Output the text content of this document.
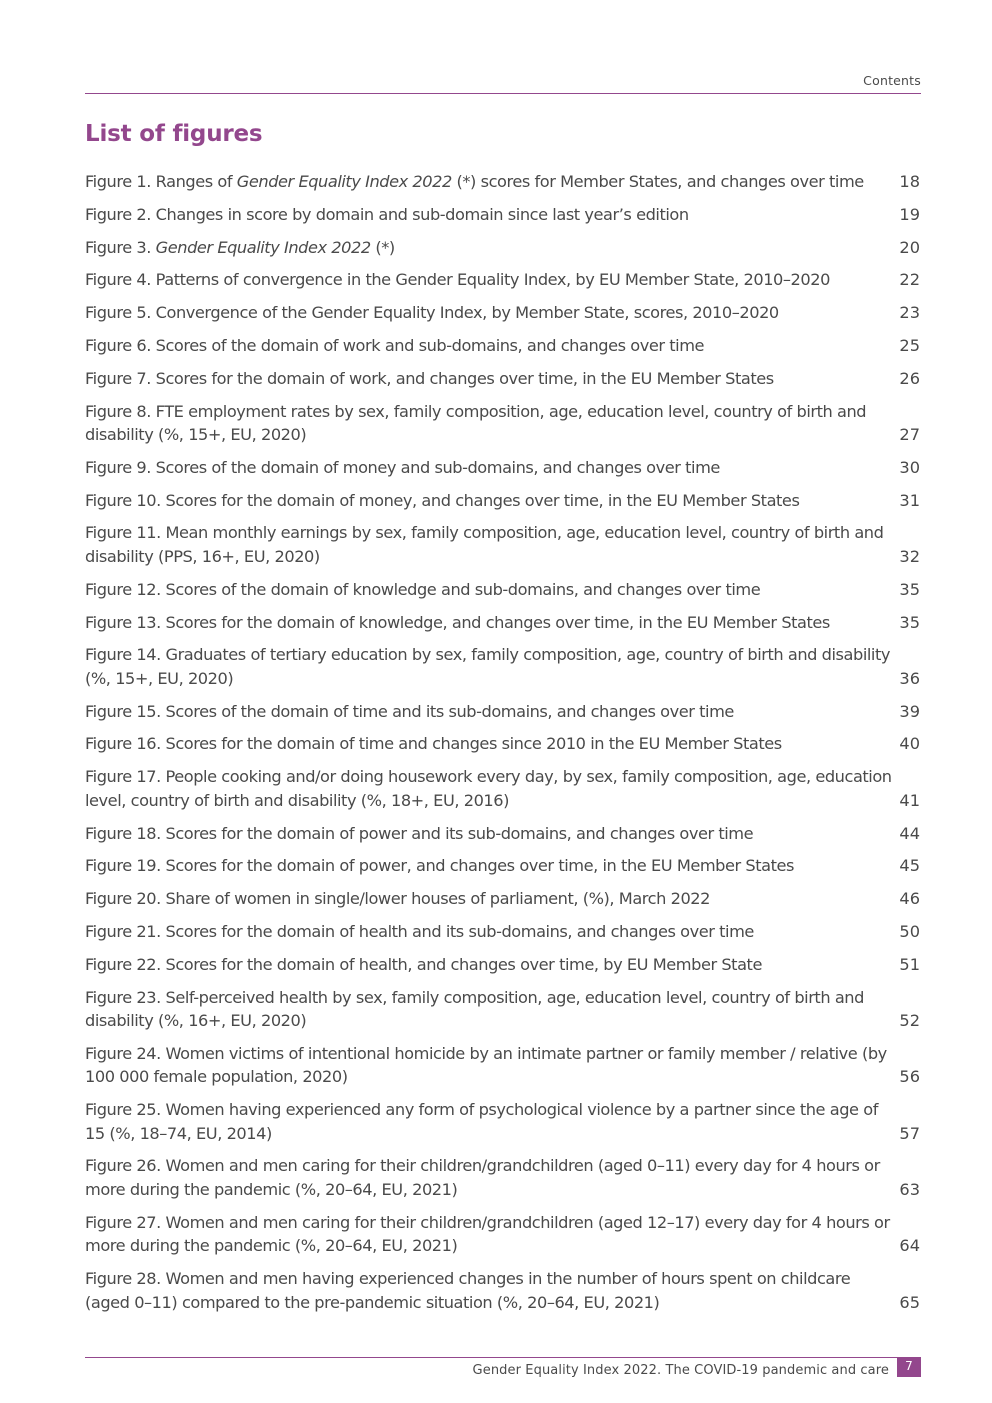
Contents
List of figures
Figure 1. Ranges of Gender Equality Index 2022 (*) scores for Member States, and changes over time	18
Figure 2. Changes in score by domain and sub-domain since last year’s edition	19
Figure 3. Gender Equality Index 2022 (*)	20
Figure 4. Patterns of convergence in the Gender Equality Index, by EU Member State, 2010–2020	22
Figure 5. Convergence of the Gender Equality Index, by Member State, scores, 2010–2020	23
Figure 6. Scores of the domain of work and sub-domains, and changes over time	25
Figure 7. Scores for the domain of work, and changes over time, in the EU Member States	26
Figure 8. FTE employment rates by sex, family composition, age, education level, country of birth and disability (%, 15+, EU, 2020)	27
Figure 9. Scores of the domain of money and sub-domains, and changes over time	30
Figure 10. Scores for the domain of money, and changes over time, in the EU Member States	31
Figure 11. Mean monthly earnings by sex, family composition, age, education level, country of birth and disability (PPS, 16+, EU, 2020)	32
Figure 12. Scores of the domain of knowledge and sub-domains, and changes over time	35
Figure 13. Scores for the domain of knowledge, and changes over time, in the EU Member States	35
Figure 14. Graduates of tertiary education by sex, family composition, age, country of birth and disability (%, 15+, EU, 2020)	36
Figure 15. Scores of the domain of time and its sub-domains, and changes over time	39
Figure 16. Scores for the domain of time and changes since 2010 in the EU Member States	40
Figure 17. People cooking and/or doing housework every day, by sex, family composition, age, education level, country of birth and disability (%, 18+, EU, 2016)	41
Figure 18. Scores for the domain of power and its sub-domains, and changes over time	44
Figure 19. Scores for the domain of power, and changes over time, in the EU Member States	45
Figure 20. Share of women in single/lower houses of parliament, (%), March 2022	46
Figure 21. Scores for the domain of health and its sub-domains, and changes over time	50
Figure 22. Scores for the domain of health, and changes over time, by EU Member State	51
Figure 23. Self-perceived health by sex, family composition, age, education level, country of birth and disability (%, 16+, EU, 2020)	52
Figure 24. Women victims of intentional homicide by an intimate partner or family member / relative (by 100 000 female population, 2020)	56
Figure 25. Women having experienced any form of psychological violence by a partner since the age of 15 (%, 18–74, EU, 2014)	57
Figure 26. Women and men caring for their children/grandchildren (aged 0–11) every day for 4 hours or more during the pandemic (%, 20–64, EU, 2021)	63
Figure 27. Women and men caring for their children/grandchildren (aged 12–17) every day for 4 hours or more during the pandemic (%, 20–64, EU, 2021)	64
Figure 28. Women and men having experienced changes in the number of hours spent on childcare (aged 0–11) compared to the pre-pandemic situation (%, 20–64, EU, 2021)	65
Gender Equality Index 2022. The COVID-19 pandemic and care	7
